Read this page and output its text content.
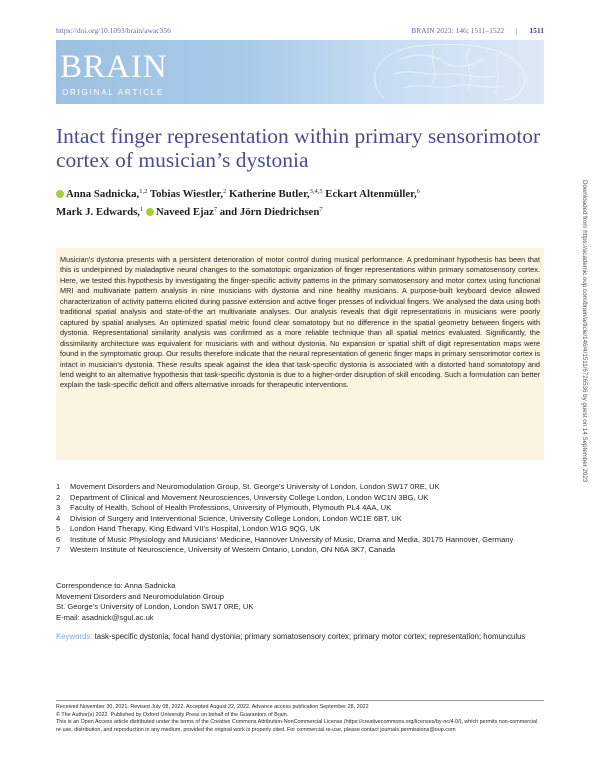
https://doi.org/10.1093/brain/awac356	BRAIN 2023: 146; 1511–1522 | 1511
BRAIN
ORIGINAL ARTICLE
Intact finger representation within primary sensorimotor cortex of musician’s dystonia
Anna Sadnicka,$^{1,2}$ Tobias Wiestler,$^2$ Katherine Butler,$^{3,4,5}$ Eckart Altenmüller,$^6$
Mark J. Edwards,$^1$ Naveed Ejaz$^7$ and Jörn Diedrichsen$^7$
Musician’s dystonia presents with a persistent deterioration of motor control during musical performance. A predominant hypothesis has been that this is underpinned by maladaptive neural changes to the somatotopic organization of finger representations within primary somatosensory cortex. Here, we tested this hypothesis by investigating the finger-specific activity patterns in the primary somatosensory and motor cortex using functional MRI and multivariate pattern analysis in nine musicians with dystonia and nine healthy musicians. A purpose-built keyboard device allowed characterization of activity patterns elicited during passive extension and active finger presses of individual fingers. We analysed the data using both traditional spatial analysis and state-of-the art multivariate analyses. Our analysis reveals that digit representations in musicians were poorly captured by spatial analyses. An optimized spatial metric found clear somatotopy but no difference in the spatial geometry between fingers with dystonia. Representational similarity analysis was confirmed as a more reliable technique than all spatial metrics evaluated. Significantly, the dissimilarity architecture was equivalent for musicians with and without dystonia. No expansion or spatial shift of digit representation maps were found in the symptomatic group. Our results therefore indicate that the neural representation of generic finger maps in primary sensorimotor cortex is intact in musician’s dystonia. These results speak against the idea that task-specific dystonia is associated with a distorted hand somatotopy and lend weight to an alternative hypothesis that task-specific dystonia is due to a higher-order disruption of skill encoding. Such a formulation can better explain the task-specific deficit and offers alternative inroads for therapeutic interventions.
1 Movement Disorders and Neuromodulation Group, St. George’s University of London, London SW17 0RE, UK
2 Department of Clinical and Movement Neurosciences, University College London, London WC1N 3BG, UK
3 Faculty of Health, School of Health Professions, University of Plymouth, Plymouth PL4 4AA, UK
4 Division of Surgery and Interventional Science, University College London, London WC1E 6BT, UK
5 London Hand Therapy, King Edward VII’s Hospital, London W1G 9QG, UK
6 Institute of Music Physiology and Musicians’ Medicine, Hannover University of Music, Drama and Media, 30175 Hannover, Germany
7 Western Institute of Neuroscience, University of Western Ontario, London, ON N6A 3K7, Canada
Correspondence to: Anna Sadnicka
Movement Disorders and Neuromodulation Group
St. George’s University of London, London SW17 0RE, UK
E-mail: asadnick@sgul.ac.uk
Keywords: task-specific dystonia; focal hand dystonia; primary somatosensory cortex; primary motor cortex; representation; homunculus
Received November 30, 2021. Revised July 08, 2022. Accepted August 22, 2022. Advance access publication September 28, 2022
© The Author(s) 2022. Published by Oxford University Press on behalf of the Guarantors of Brain.
This is an Open Access article distributed under the terms of the Creative Commons Attribution-NonCommercial License (https://creativecommons.org/licenses/by-nc/4.0/), which permits non-commercial re-use, distribution, and reproduction in any medium, provided the original work is properly cited. For commercial re-use, please contact journals.permissions@oup.com
Downloaded from https://academic.oup.com/brain/article/146/4/1511/6726536 by guest on 14 September 2023
